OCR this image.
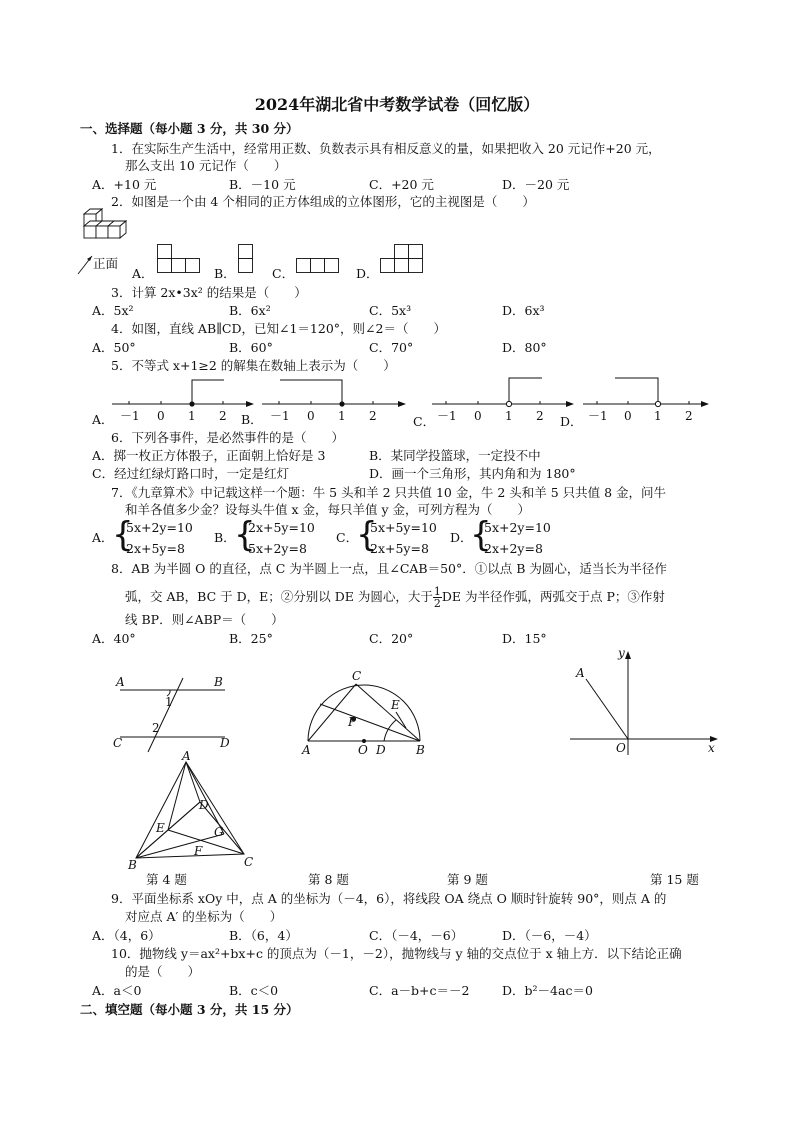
2024年湖北省中考数学试卷（回忆版）
一、选择题（每小题 3 分，共 30 分）
1．在实际生产生活中，经常用正数、负数表示具有相反意义的量，如果把收入 20 元记作+20 元，
那么支出 10 元记作（　　）
A．+10 元	B．－10 元	C．+20 元	D．－20 元
2．如图是一个由 4 个相同的正方体组成的立体图形，它的主视图是（　　）
正面
A．	B．	C．	D．
3．计算 2x•3x² 的结果是（　　）
A．5x²	B．6x²	C．5x³	D．6x³
4．如图，直线 AB∥CD，已知∠1＝120°，则∠2＝（　　）
A．50°	B．60°	C．70°	D．80°
5．不等式 x+1≥2 的解集在数轴上表示为（　　）
A． －1 0 1 2 B． －1 0 1 2	C． －1 0 1 2 D． －1 0 1 2
6．下列各事件，是必然事件的是（　　）
A．掷一枚正方体骰子，正面朝上恰好是 3	B．某同学投篮球，一定投不中
C．经过红绿灯路口时，一定是红灯	D．画一个三角形，其内角和为 180°
7．《九章算术》中记载这样一个题：牛 5 头和羊 2 只共值 10 金，牛 2 头和羊 5 只共值 8 金，问牛
和羊各值多少金？设每头牛值 x 金，每只羊值 y 金，可列方程为（　　）
A．
{
5x+2y=10
2x+5y=8
B．
{
2x+5y=10
5x+2y=8
C．
{
5x+5y=10
2x+5y=8
D．
{
5x+2y=10
2x+2y=8
8．AB 为半圆 O 的直径，点 C 为半圆上一点，且∠CAB＝50°．①以点 B 为圆心，适当长为半径作
弧，交 AB，BC 于 D，E；②分别以 DE 为圆心，大于 $\frac{1}{2}$ DE 为半径作弧，两弧交于点 P；③作射
线 BP．则∠ABP＝（　　）
A．40°	B．25°	C．20°	D．15°
A	B
C	D
1
2
C
E
P
A	O D	B
y
A
O	x
A
D
E	G
F
B	C
第 4 题	第 8 题	第 9 题	第 15 题
9．平面坐标系 xOy 中，点 A 的坐标为（－4，6），将线段 OA 绕点 O 顺时针旋转 90°，则点 A 的
对应点 A′ 的坐标为（　　）
A．（4，6）	B．（6，4）	C．（－4，－6）	D．（－6，－4）
10．抛物线 y＝ax²+bx+c 的顶点为（－1，－2），抛物线与 y 轴的交点位于 x 轴上方．以下结论正确
的是（　　）
A．a＜0	B．c＜0	C．a－b+c＝－2	D．b²－4ac＝0
二、填空题（每小题 3 分，共 15 分）
